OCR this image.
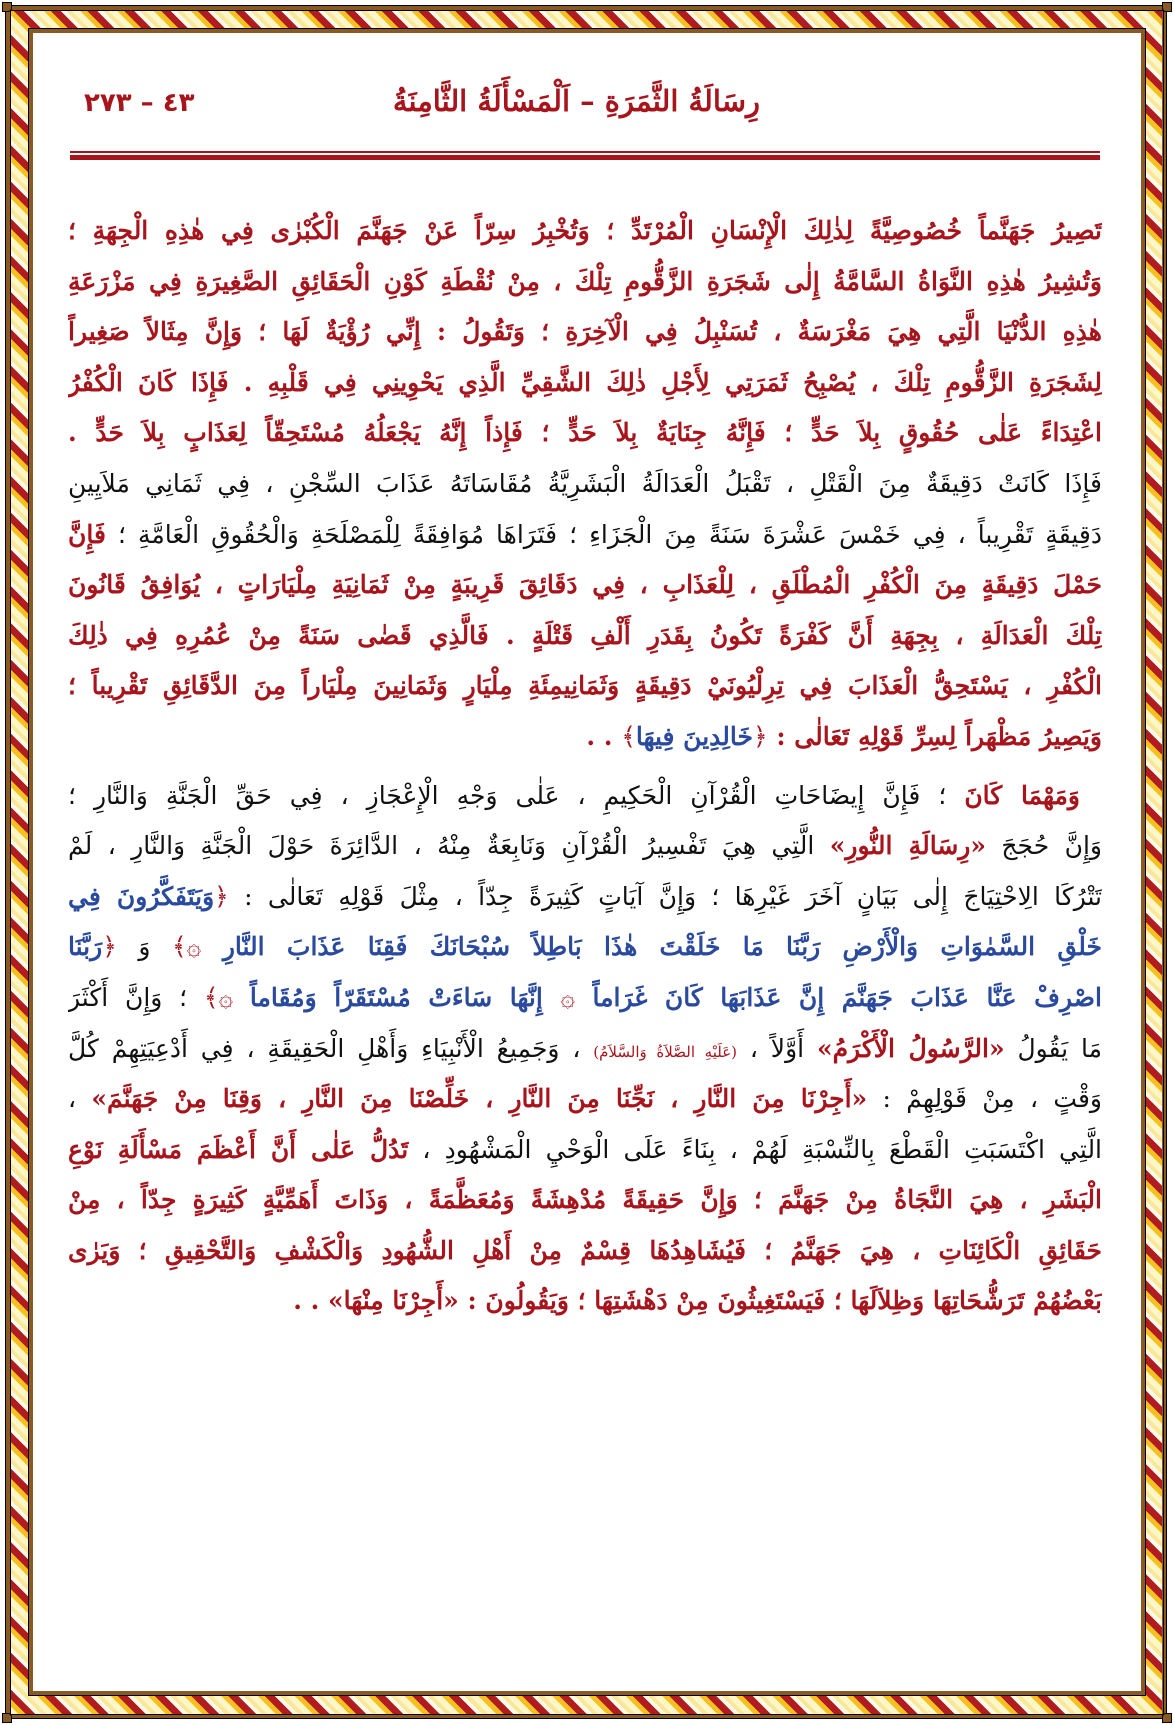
رِسَالَةُ الثَّمَرَةِ – اَلْمَسْأَلَةُ الثَّامِنَةُ
٤٣ – ٢٧٣
تَصِيرُ جَهَنَّماً خُصُوصِيَّةً لِذٰلِكَ الْإِنْسَانِ الْمُرْتَدِّ ؛ وَتُخْبِرُ سِرّاً عَنْ جَهَنَّمَ الْكُبْرٰى فِي هٰذِهِ الْجِهَةِ ؛
وَتُشِيرُ هٰذِهِ النَّوَاةُ السَّامَّةُ إِلٰى شَجَرَةِ الزَّقُّومِ تِلْكَ ، مِنْ نُقْطَةِ كَوْنِ الْحَقَائِقِ الصَّغِيرَةِ فِي مَزْرَعَةِ
هٰذِهِ الدُّنْيَا الَّتِي هِيَ مَغْرَسَةٌ ، تُسَنْبِلُ فِي الْآخِرَةِ ؛ وَتَقُولُ : إِنِّي رُؤْيَةٌ لَهَا ؛ وَإِنَّ مِثَالاً صَغِيراً
لِشَجَرَةِ الزَّقُّومِ تِلْكَ ، يُصْبِحُ ثَمَرَتِي لِأَجْلِ ذٰلِكَ الشَّقِيِّ الَّذِي يَحْوِينِي فِي قَلْبِهِ . فَإِذَا كَانَ الْكُفْرُ
اعْتِدَاءً عَلٰى حُقُوقٍ بِلاَ حَدٍّ ؛ فَإِنَّهُ جِنَايَةٌ بِلاَ حَدٍّ ؛ فَإِذاً إِنَّهُ يَجْعَلُهُ مُسْتَحِقّاً لِعَذَابٍ بِلاَ حَدٍّ .
فَإِذَا كَانَتْ دَقِيقَةٌ مِنَ الْقَتْلِ ، تَقْبَلُ الْعَدَالَةُ الْبَشَرِيَّةُ مُقَاسَاتَهُ عَذَابَ السِّجْنِ ، فِي ثَمَانِي مَلاَيِينِ
دَقِيقَةٍ تَقْرِيباً ، فِي خَمْسَ عَشْرَةَ سَنَةً مِنَ الْجَزَاءِ ؛ فَتَرَاهَا مُوَافِقَةً لِلْمَصْلَحَةِ وَالْحُقُوقِ الْعَامَّةِ ؛ فَإِنَّ
حَمْلَ دَقِيقَةٍ مِنَ الْكُفْرِ الْمُطْلَقِ ، لِلْعَذَابِ ، فِي دَقَائِقَ قَرِيبَةٍ مِنْ ثَمَانِيَةِ مِلْيَارَاتٍ ، يُوَافِقُ قَانُونَ
تِلْكَ الْعَدَالَةِ ، بِجِهَةِ أَنَّ كَفْرَةً تَكُونُ بِقَدَرِ أَلْفِ قَتْلَةٍ . فَالَّذِي قَضٰى سَنَةً مِنْ عُمُرِهِ فِي ذٰلِكَ
الْكُفْرِ ، يَسْتَحِقُّ الْعَذَابَ فِي تِرِلْيُونَيْ دَقِيقَةٍ وَثَمَانِيمِئَةِ مِلْيَارٍ وَثَمَانِينَ مِلْيَاراً مِنَ الدَّقَائِقِ تَقْرِيباً ؛
وَيَصِيرُ مَظْهَراً لِسِرِّ قَوْلِهِ تَعَالٰى : ﴿خَالِدِينَ فِيهَا﴾ . .
وَمَهْمَا كَانَ ؛ فَإِنَّ إِيضَاحَاتِ الْقُرْآنِ الْحَكِيمِ ، عَلٰى وَجْهِ الْإِعْجَازِ ، فِي حَقِّ الْجَنَّةِ وَالنَّارِ ؛
وَإِنَّ حُجَجَ «رِسَالَةِ النُّورِ» الَّتِي هِيَ تَفْسِيرُ الْقُرْآنِ وَنَابِعَةٌ مِنْهُ ، الدَّائِرَةَ حَوْلَ الْجَنَّةِ وَالنَّارِ ، لَمْ
تَتْرُكَا الِاحْتِيَاجَ إِلٰى بَيَانٍ آخَرَ غَيْرِهَا ؛ وَإِنَّ آيَاتٍ كَثِيرَةً جِدّاً ، مِثْلَ قَوْلِهِ تَعَالٰى : ﴿وَيَتَفَكَّرُونَ فِي
خَلْقِ السَّمٰوَاتِ وَالْأَرْضِ رَبَّنَا مَا خَلَقْتَ هٰذَا بَاطِلاً سُبْحَانَكَ فَقِنَا عَذَابَ النَّارِ ۞﴾ وَ ﴿رَبَّنَا
اصْرِفْ عَنَّا عَذَابَ جَهَنَّمَ إِنَّ عَذَابَهَا كَانَ غَرَاماً ۞ إِنَّهَا سَاءَتْ مُسْتَقَرّاً وَمُقَاماً ۞﴾ ؛ وَإِنَّ أَكْثَرَ
مَا يَقُولُ «الرَّسُولُ الْأَكْرَمُ» أَوَّلاً ، (عَلَيْهِ الصَّلاَةُ وَالسَّلاَمُ) ، وَجَمِيعُ الْأَنْبِيَاءِ وَأَهْلِ الْحَقِيقَةِ ، فِي أَدْعِيَتِهِمْ كُلَّ
وَقْتٍ ، مِنْ قَوْلِهِمْ : «أَجِرْنَا مِنَ النَّارِ ، نَجِّنَا مِنَ النَّارِ ، خَلِّصْنَا مِنَ النَّارِ ، وَقِنَا مِنْ جَهَنَّمَ» ،
الَّتِي اكْتَسَبَتِ الْقَطْعَ بِالنِّسْبَةِ لَهُمْ ، بِنَاءً عَلَى الْوَحْيِ الْمَشْهُودِ ، تَدُلُّ عَلٰى أَنَّ أَعْظَمَ مَسْأَلَةِ نَوْعِ
الْبَشَرِ ، هِيَ النَّجَاةُ مِنْ جَهَنَّمَ ؛ وَإِنَّ حَقِيقَةً مُدْهِشَةً وَمُعَظَّمَةً ، وَذَاتَ أَهَمِّيَّةٍ كَثِيرَةٍ جِدّاً ، مِنْ
حَقَائِقِ الْكَائِنَاتِ ، هِيَ جَهَنَّمُ ؛ فَيُشَاهِدُهَا قِسْمٌ مِنْ أَهْلِ الشُّهُودِ وَالْكَشْفِ وَالتَّحْقِيقِ ؛ وَيَرٰى
بَعْضُهُمْ تَرَشُّحَاتِهَا وَظِلاَلَهَا ؛ فَيَسْتَغِيثُونَ مِنْ دَهْشَتِهَا ؛ وَيَقُولُونَ : «أَجِرْنَا مِنْهَا» . .
